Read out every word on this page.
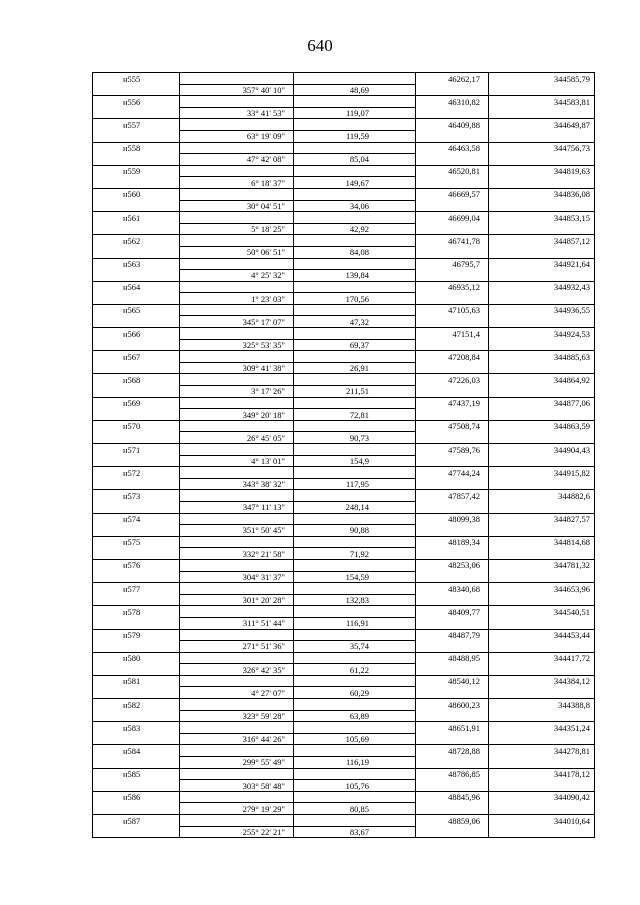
640
н555			46262,17	344585,79
	357° 40' 10"	48,69		
н556			46310,82	344583,81
	33° 41' 53"	119,07		
н557			46409,88	344649,87
	63° 19' 09"	119,59		
н558			46463,58	344756,73
	47° 42' 08"	85,04		
н559			46520,81	344819,63
	6° 18' 37"	149,67		
н560			46669,57	344836,08
	30° 04' 51"	34,06		
н561			46699,04	344853,15
	5° 18' 25"	42,92		
н562			46741,78	344857,12
	50° 06' 51"	84,08		
н563			46795,7	344921,64
	4° 25' 32"	139,84		
н564			46935,12	344932,43
	1° 23' 03"	170,56		
н565			47105,63	344936,55
	345° 17' 07"	47,32		
н566			47151,4	344924,53
	325° 53' 35"	69,37		
н567			47208,84	344885,63
	309° 41' 38"	26,91		
н568			47226,03	344864,92
	3° 17' 26"	211,51		
н569			47437,19	344877,06
	349° 20' 18"	72,81		
н570			47508,74	344863,59
	26° 45' 05"	90,73		
н571			47589,76	344904,43
	4° 13' 01"	154,9		
н572			47744,24	344915,82
	343° 38' 32"	117,95		
н573			47857,42	344882,6
	347° 11' 13"	248,14		
н574			48099,38	344827,57
	351° 50' 45"	90,88		
н575			48189,34	344814,68
	332° 21' 58"	71,92		
н576			48253,06	344781,32
	304° 31' 37"	154,59		
н577			48340,68	344653,96
	301° 20' 28"	132,83		
н578			48409,77	344540,51
	311° 51' 44"	116,91		
н579			48487,79	344453,44
	271° 51' 36"	35,74		
н580			48488,95	344417,72
	326° 42' 35"	61,22		
н581			48540,12	344384,12
	4° 27' 07"	60,29		
н582			48600,23	344388,8
	323° 59' 28"	63,89		
н583			48651,91	344351,24
	316° 44' 26"	105,69		
н584			48728,88	344278,81
	299° 55' 49"	116,19		
н585			48786,85	344178,12
	303° 58' 48"	105,76		
н586			48845,96	344090,42
	279° 19' 29"	80,85		
н587			48859,06	344010,64
	255° 22' 21"	83,67		
